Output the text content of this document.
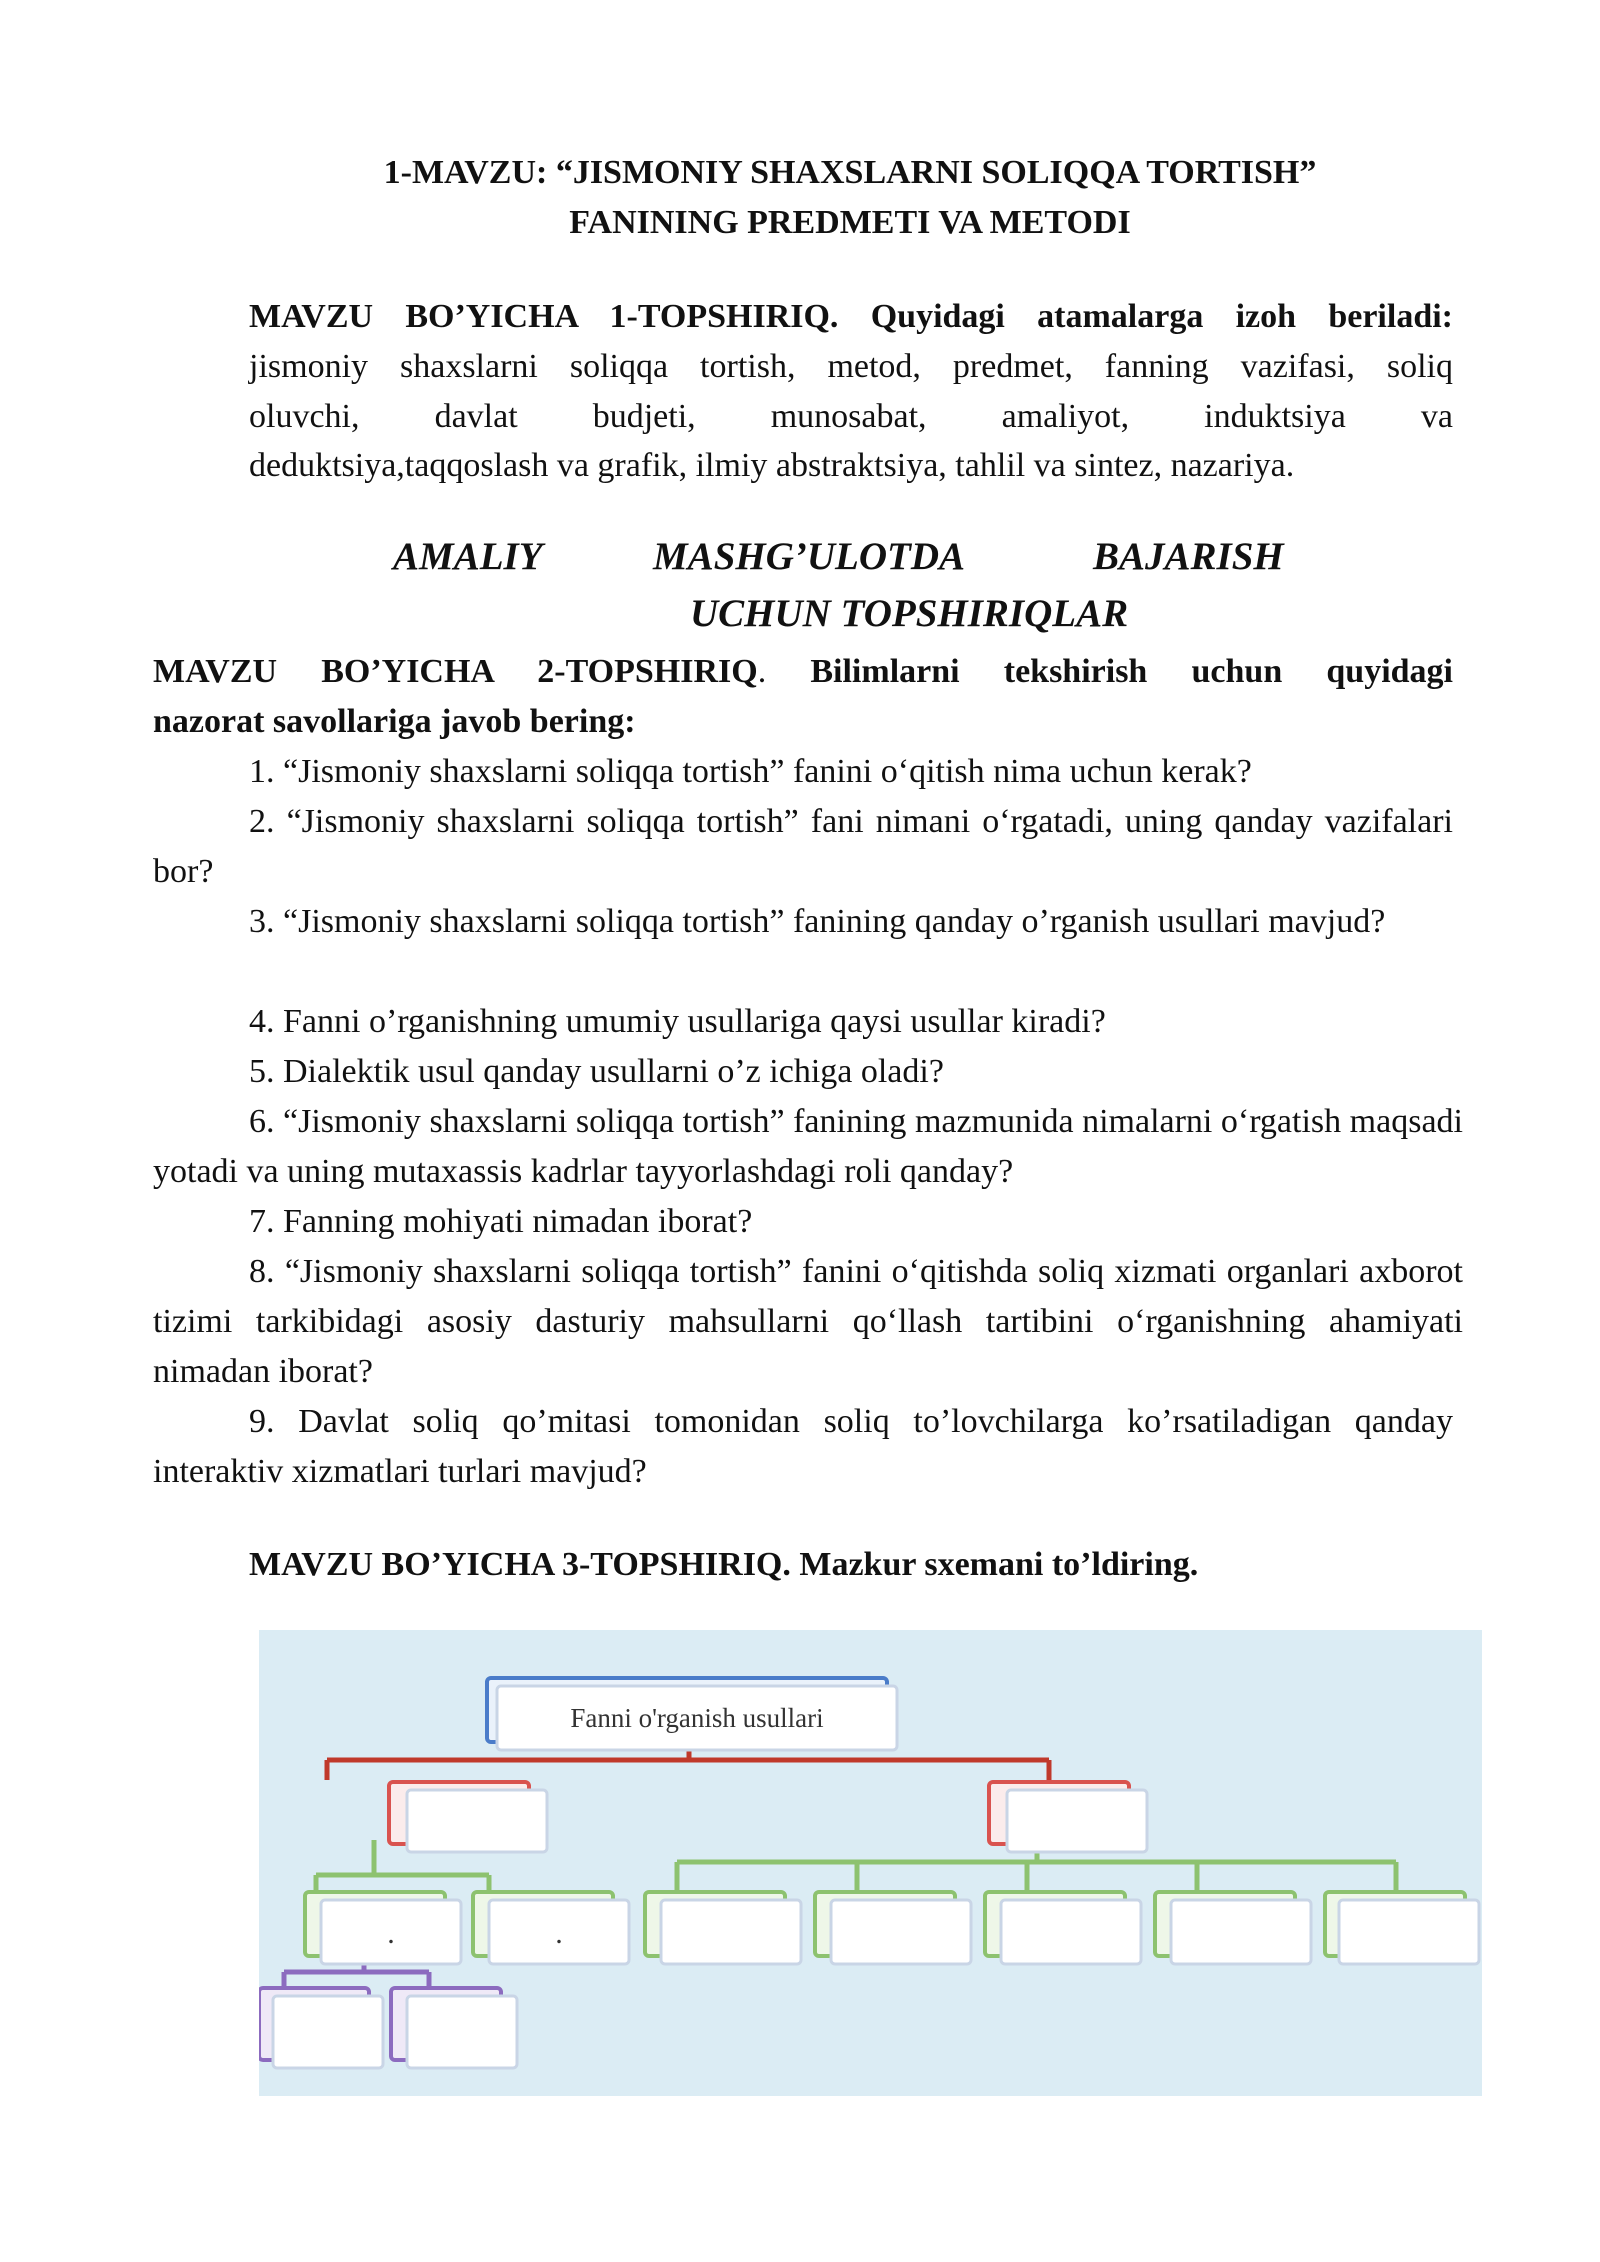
1-MAVZU: “JISMONIY SHAXSLARNI SOLIQQA TORTISH”
FANINING PREDMETI VA METODI
MAVZU BO’YICHA 1-TOPSHIRIQ. Quyidagi atamalarga izoh beriladi:
jismoniy shaxslarni soliqqa tortish, metod, predmet, fanning vazifasi, soliq
oluvchi, davlat budjeti, munosabat, amaliyot, induktsiya va
deduktsiya,taqqoslash va grafik, ilmiy abstraktsiya, tahlil va sintez, nazariya.
AMALIY	MASHG’ULOTDA	BAJARISH
UCHUN TOPSHIRIQLAR
MAVZU BO’YICHA 2-TOPSHIRIQ. Bilimlarni tekshirish uchun quyidagi
nazorat savollariga javob bering:
1. “Jismoniy shaxslarni soliqqa tortish” fanini o‘qitish nima uchun kerak?
2. “Jismoniy shaxslarni soliqqa tortish” fani nimani o‘rgatadi, uning qanday vazifalari bor?
3. “Jismoniy shaxslarni soliqqa tortish” fanining qanday o’rganish usullari mavjud?
4. Fanni o’rganishning umumiy usullariga qaysi usullar kiradi?
5. Dialektik usul qanday usullarni o’z ichiga oladi?
6. “Jismoniy shaxslarni soliqqa tortish” fanining mazmunida nimalarni o‘rgatish maqsadi yotadi va uning mutaxassis kadrlar tayyorlashdagi roli qanday?
7. Fanning mohiyati nimadan iborat?
8. “Jismoniy shaxslarni soliqqa tortish” fanini o‘qitishda soliq xizmati organlari axborot tizimi tarkibidagi asosiy dasturiy mahsullarni qo‘llash tartibini o‘rganishning ahamiyati nimadan iborat?
9. Davlat soliq qo’mitasi tomonidan soliq to’lovchilarga ko’rsatiladigan qanday interaktiv xizmatlari turlari mavjud?
MAVZU BO’YICHA 3-TOPSHIRIQ. Mazkur sxemani to’ldiring.
Fanni o'rganish usullari
.	.
